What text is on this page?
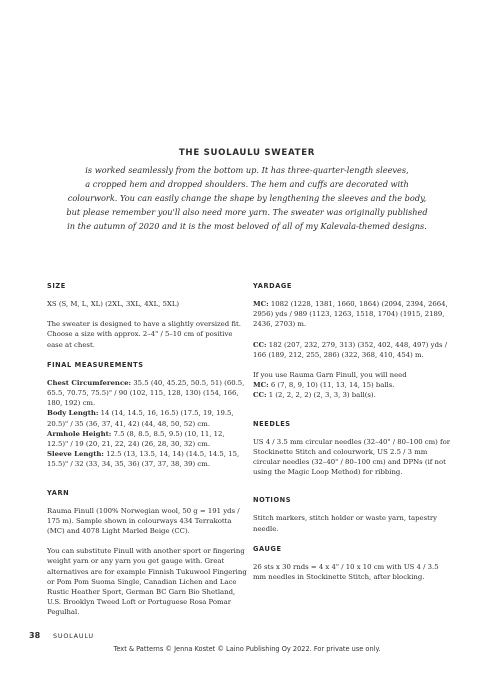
THE SUOLAULU SWEATER

is worked seamlessly from the bottom up. It has three-quarter-length sleeves,
a cropped hem and dropped shoulders. The hem and cuffs are decorated with
colourwork. You can easily change the shape by lengthening the sleeves and the body,
but please remember you'll also need more yarn. The sweater was originally published
in the autumn of 2020 and it is the most beloved of all of my Kalevala-themed designs.

SIZE

XS (S, M, L, XL) (2XL, 3XL, 4XL, 5XL)

The sweater is designed to have a slightly oversized fit. Choose a size with approx. 2–4" / 5–10 cm of positive ease at chest.

FINAL MEASUREMENTS

Chest Circumference: 35.5 (40, 45.25, 50.5, 51) (60.5, 65.5, 70.75, 75.5)" / 90 (102, 115, 128, 130) (154, 166, 180, 192) cm.

Body Length: 14 (14, 14.5, 16, 16.5) (17.5, 19, 19.5, 20.5)" / 35 (36, 37, 41, 42) (44, 48, 50, 52) cm.

Armhole Height: 7.5 (8, 8.5, 8.5, 9.5) (10, 11, 12, 12.5)" / 19 (20, 21, 22, 24) (26, 28, 30, 32) cm.

Sleeve Length: 12.5 (13, 13.5, 14, 14) (14.5, 14.5, 15, 15.5)" / 32 (33, 34, 35, 36) (37, 37, 38, 39) cm.

YARN

Rauma Finull (100% Norwegian wool, 50 g = 191 yds / 175 m). Sample shown in colourways 434 Terrakotta (MC) and 4078 Light Marled Beige (CC).

You can substitute Finull with another sport or fingering weight yarn or any yarn you get gauge with. Great alternatives are for example Finnish Tukuwool Fingering or Pom Pom Suoma Single, Canadian Lichen and Lace Rustic Heather Sport, German BC Garn Bio Shetland, U.S. Brooklyn Tweed Loft or Portuguese Rosa Pomar Pegulhal.

YARDAGE

MC: 1082 (1228, 1381, 1660, 1864) (2094, 2394, 2664, 2956) yds / 989 (1123, 1263, 1518, 1704) (1915, 2189, 2436, 2703) m.

CC: 182 (207, 232, 279, 313) (352, 402, 448, 497) yds / 166 (189, 212, 255, 286) (322, 368, 410, 454) m.

If you use Rauma Garn Finull, you will need

MC: 6 (7, 8, 9, 10) (11, 13, 14, 15) balls.

CC: 1 (2, 2, 2, 2) (2, 3, 3, 3) ball(s).

NEEDLES

US 4 / 3.5 mm circular needles (32–40" / 80–100 cm) for Stockinette Stitch and colourwork, US 2.5 / 3 mm circular needles (32–40" / 80–100 cm) and DPNs (if not using the Magic Loop Method) for ribbing.

NOTIONS

Stitch markers, stitch holder or waste yarn, tapestry needle.

GAUGE

26 sts x 30 rnds = 4 x 4" / 10 x 10 cm with US 4 / 3.5 mm needles in Stockinette Stitch, after blocking.

38 SUOLAULU
Text & Patterns © Jenna Kostet © Laino Publishing Oy 2022. For private use only.
